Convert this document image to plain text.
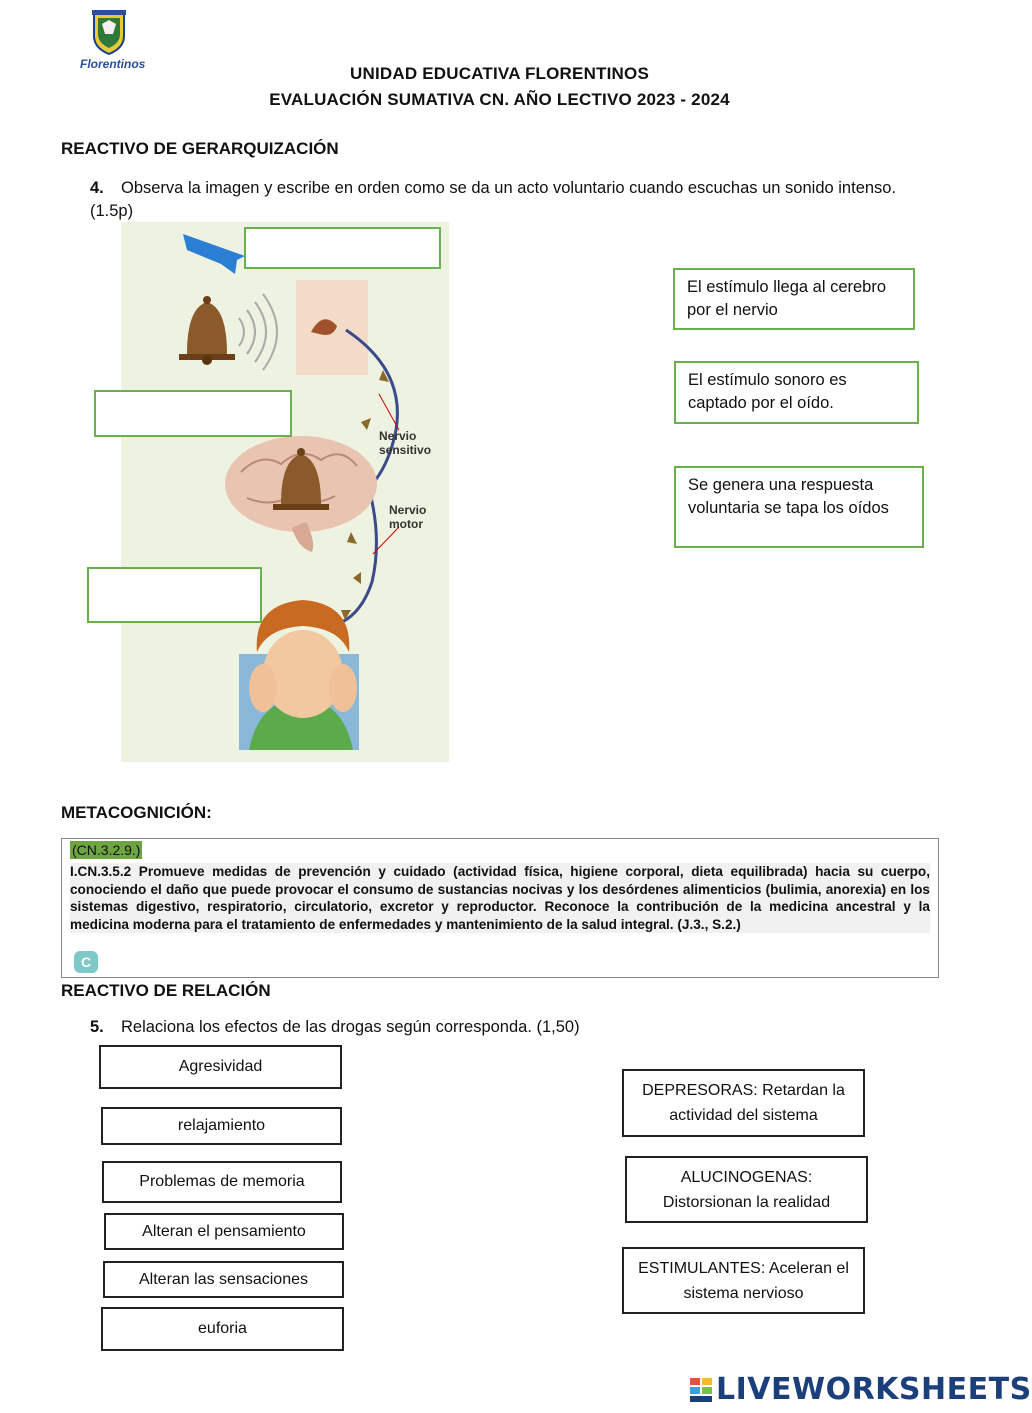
Florentinos	UNIDAD EDUCATIVA FLORENTINOS
EVALUACIÓN SUMATIVA CN. AÑO LECTIVO 2023 - 2024
REACTIVO DE GERARQUIZACIÓN
4. Observa la imagen y escribe en orden como se da un acto voluntario cuando escuchas un sonido intenso. (1.5p)
Nervio
sensitivo
Nervio
motor
El estímulo llega al cerebro por el nervio
El estímulo sonoro es captado por el oído.
Se genera una respuesta voluntaria se tapa los oídos
METACOGNICIÓN:
(CN.3.2.9.)
I.CN.3.5.2 Promueve medidas de prevención y cuidado (actividad física, higiene corporal, dieta equilibrada) hacia su cuerpo, conociendo el daño que puede provocar el consumo de sustancias nocivas y los desórdenes alimenticios (bulimia, anorexia) en los sistemas digestivo, respiratorio, circulatorio, excretor y reproductor. Reconoce la contribución de la medicina ancestral y la medicina moderna para el tratamiento de enfermedades y mantenimiento de la salud integral. (J.3., S.2.)
C
REACTIVO DE RELACIÓN
5. Relaciona los efectos de las drogas según corresponda. (1,50)
Agresividad
relajamiento
Problemas de memoria
Alteran el pensamiento
Alteran las sensaciones
euforia
DEPRESORAS: Retardan la actividad del sistema
ALUCINOGENAS: Distorsionan la realidad
ESTIMULANTES: Aceleran el sistema nervioso
LIVEWORKSHEETS
